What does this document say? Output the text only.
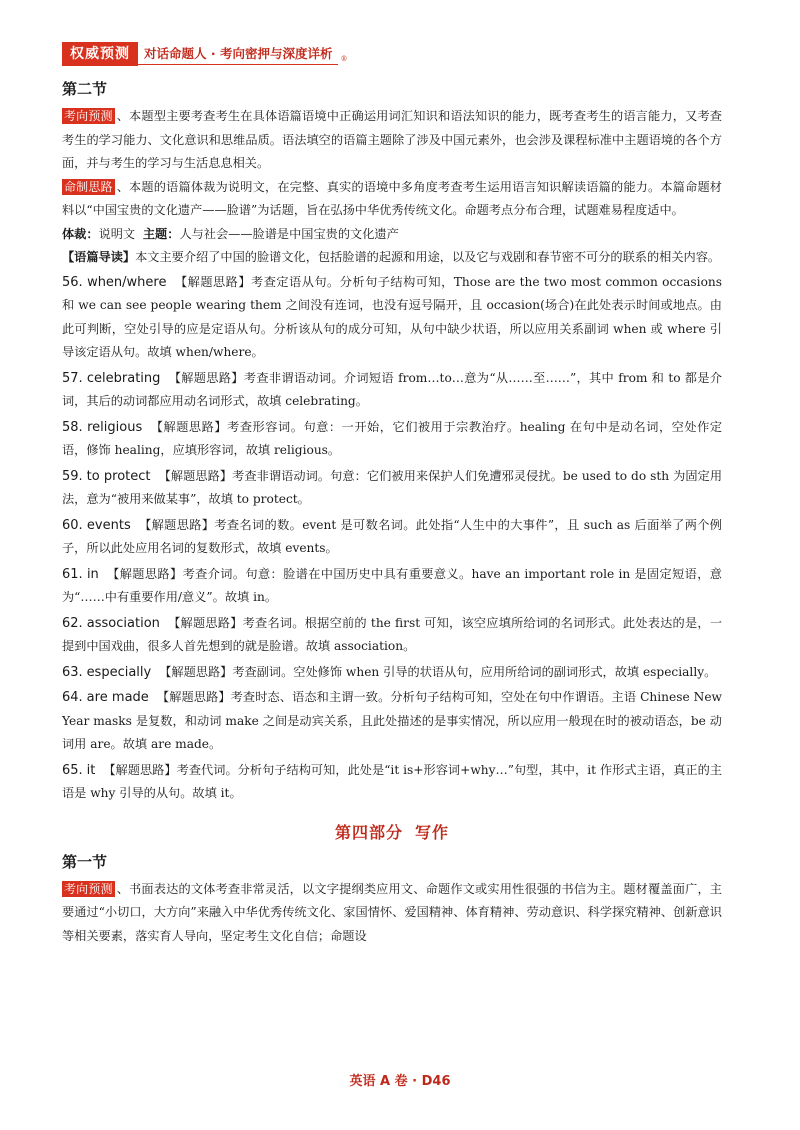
权威预测	对话命题人 · 考向密押与深度详析	®
第二节

考向预测 、本题型主要考查考生在具体语篇语境中正确运用词汇知识和语法知识的能力，既考查考生的语言能力，又考查考生的学习能力、文化意识和思维品质。语法填空的语篇主题除了涉及中国元素外，也会涉及课程标准中主题语境的各个方面，并与考生的学习与生活息息相关。

命制思路 、本题的语篇体裁为说明文，在完整、真实的语境中多角度考查考生运用语言知识解读语篇的能力。本篇命题材料以“中国宝贵的文化遗产——脸谱”为话题，旨在弘扬中华优秀传统文化。命题考点分布合理，试题难易程度适中。

体裁：说明文 主题：人与社会——脸谱是中国宝贵的文化遗产

【语篇导读】本文主要介绍了中国的脸谱文化，包括脸谱的起源和用途，以及它与戏剧和春节密不可分的联系的相关内容。

56. when/where 【解题思路】考查定语从句。分析句子结构可知，Those are the two most common occasions 和 we can see people wearing them 之间没有连词，也没有逗号隔开，且 occasion(场合)在此处表示时间或地点。由此可判断，空处引导的应是定语从句。分析该从句的成分可知，从句中缺少状语，所以应用关系副词 when 或 where 引导该定语从句。故填 when/where。

57. celebrating 【解题思路】考查非谓语动词。介词短语 from…to…意为“从……至……”，其中 from 和 to 都是介词，其后的动词都应用动名词形式，故填 celebrating。

58. religious 【解题思路】考查形容词。句意：一开始，它们被用于宗教治疗。healing 在句中是动名词，空处作定语，修饰 healing，应填形容词，故填 religious。

59. to protect 【解题思路】考查非谓语动词。句意：它们被用来保护人们免遭邪灵侵扰。be used to do sth 为固定用法，意为“被用来做某事”，故填 to protect。

60. events 【解题思路】考查名词的数。event 是可数名词。此处指“人生中的大事件”，且 such as 后面举了两个例子，所以此处应用名词的复数形式，故填 events。

61. in 【解题思路】考查介词。句意：脸谱在中国历史中具有重要意义。have an important role in 是固定短语，意为“……中有重要作用/意义”。故填 in。

62. association 【解题思路】考查名词。根据空前的 the first 可知，该空应填所给词的名词形式。此处表达的是，一提到中国戏曲，很多人首先想到的就是脸谱。故填 association。

63. especially 【解题思路】考查副词。空处修饰 when 引导的状语从句，应用所给词的副词形式，故填 especially。

64. are made 【解题思路】考查时态、语态和主谓一致。分析句子结构可知，空处在句中作谓语。主语 Chinese New Year masks 是复数，和动词 make 之间是动宾关系，且此处描述的是事实情况，所以应用一般现在时的被动语态，be 动词用 are。故填 are made。

65. it 【解题思路】考查代词。分析句子结构可知，此处是“it is+形容词+why…”句型，其中，it 作形式主语，真正的主语是 why 引导的从句。故填 it。

第四部分 写作
第一节

考向预测 、书面表达的文体考查非常灵活，以文字提纲类应用文、命题作文或实用性很强的书信为主。题材覆盖面广，主要通过“小切口，大方向”来融入中华优秀传统文化、家国情怀、爱国精神、体育精神、劳动意识、科学探究精神、创新意识等相关要素，落实育人导向，坚定考生文化自信；命题设

英语 A 卷 · D46
